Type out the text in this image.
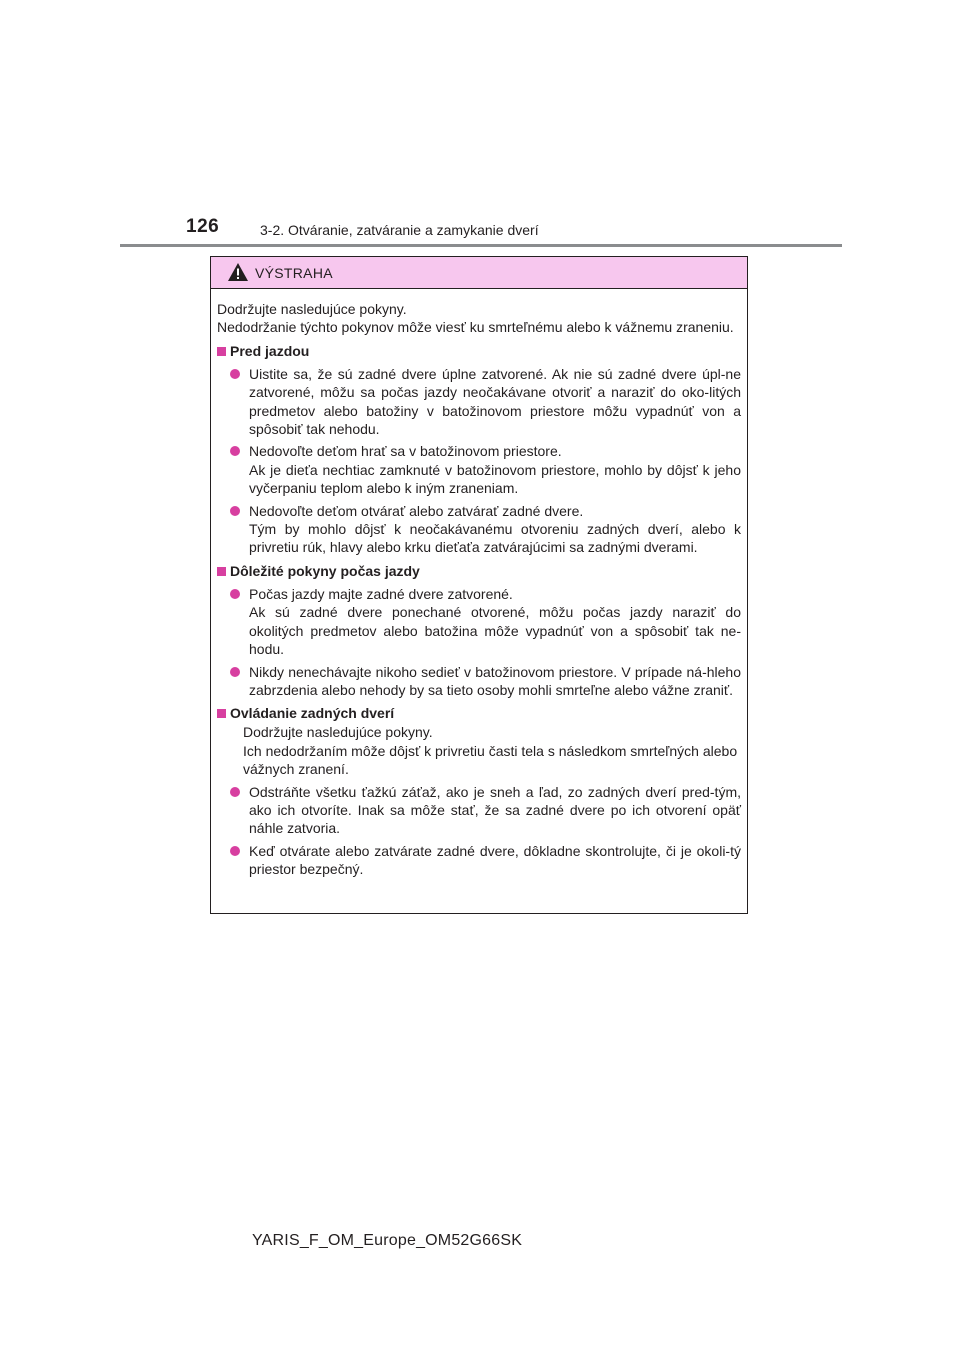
126	3-2. Otváranie, zatváranie a zamykanie dverí
VÝSTRAHA

Dodržujte nasledujúce pokyny.

Nedodržanie týchto pokynov môže viesť ku smrteľnému alebo k vážnemu zraneniu.

Pred jazdou

Uistite sa, že sú zadné dvere úplne zatvorené. Ak nie sú zadné dvere úpl-ne zatvorené, môžu sa počas jazdy neočakávane otvoriť a naraziť do oko-litých predmetov alebo batožiny v batožinovom priestore môžu vypadnúť von a spôsobiť tak nehodu.

Nedovoľte deťom hrať sa v batožinovom priestore.

Ak je dieťa nechtiac zamknuté v batožinovom priestore, mohlo by dôjsť k jeho vyčerpaniu teplom alebo k iným zraneniam.

Nedovoľte deťom otvárať alebo zatvárať zadné dvere.

Tým by mohlo dôjsť k neočakávanému otvoreniu zadných dverí, alebo k privretiu rúk, hlavy alebo krku dieťaťa zatvárajúcimi sa zadnými dverami.

Dôležité pokyny počas jazdy

Počas jazdy majte zadné dvere zatvorené.

Ak sú zadné dvere ponechané otvorené, môžu počas jazdy naraziť do okolitých predmetov alebo batožina môže vypadnúť von a spôsobiť tak ne-hodu.

Nikdy nenechávajte nikoho sedieť v batožinovom priestore. V prípade ná-hleho zabrzdenia alebo nehody by sa tieto osoby mohli smrteľne alebo vážne zraniť.

Ovládanie zadných dverí

Dodržujte nasledujúce pokyny.

Ich nedodržaním môže dôjsť k privretiu časti tela s následkom smrteľných alebo vážnych zranení.

Odstráňte všetku ťažkú záťaž, ako je sneh a ľad, zo zadných dverí pred-tým, ako ich otvoríte. Inak sa môže stať, že sa zadné dvere po ich otvorení opäť náhle zatvoria.

Keď otvárate alebo zatvárate zadné dvere, dôkladne skontrolujte, či je okoli-tý priestor bezpečný.

YARIS_F_OM_Europe_OM52G66SK
